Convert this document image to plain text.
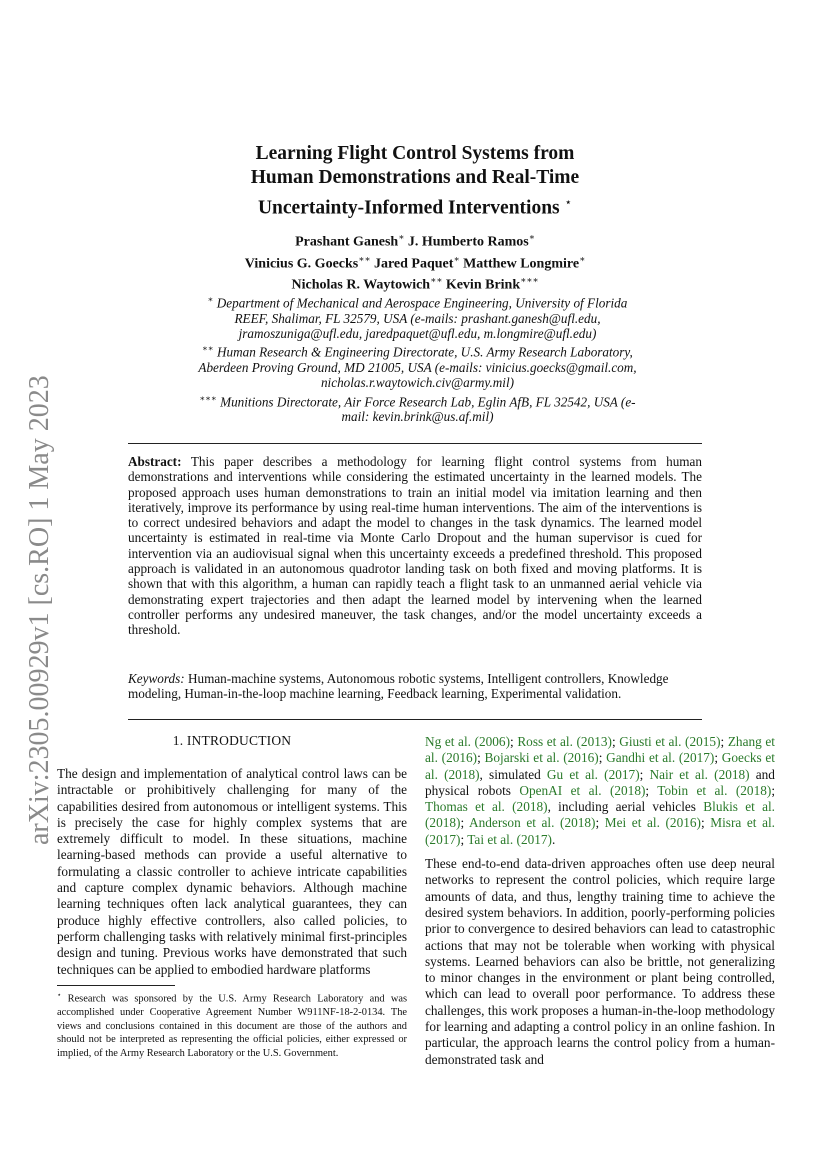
arXiv:2305.00929v1 [cs.RO] 1 May 2023
Learning Flight Control Systems from
Human Demonstrations and Real-Time
Uncertainty-Informed Interventions ⋆
Prashant Ganesh∗ J. Humberto Ramos∗
Vinicius G. Goecks∗∗ Jared Paquet∗ Matthew Longmire∗
Nicholas R. Waytowich∗∗ Kevin Brink∗∗∗
∗ Department of Mechanical and Aerospace Engineering, University of Florida REEF, Shalimar, FL 32579, USA (e-mails: prashant.ganesh@ufl.edu, jramoszuniga@ufl.edu, jaredpaquet@ufl.edu, m.longmire@ufl.edu)
∗∗ Human Research & Engineering Directorate, U.S. Army Research Laboratory, Aberdeen Proving Ground, MD 21005, USA (e-mails: vinicius.goecks@gmail.com, nicholas.r.waytowich.civ@army.mil)
∗∗∗ Munitions Directorate, Air Force Research Lab, Eglin AfB, FL 32542, USA (e-mail: kevin.brink@us.af.mil)
Abstract: This paper describes a methodology for learning flight control systems from human demonstrations and interventions while considering the estimated uncertainty in the learned models. The proposed approach uses human demonstrations to train an initial model via imitation learning and then iteratively, improve its performance by using real-time human interventions. The aim of the interventions is to correct undesired behaviors and adapt the model to changes in the task dynamics. The learned model uncertainty is estimated in real-time via Monte Carlo Dropout and the human supervisor is cued for intervention via an audiovisual signal when this uncertainty exceeds a predefined threshold. This proposed approach is validated in an autonomous quadrotor landing task on both fixed and moving platforms. It is shown that with this algorithm, a human can rapidly teach a flight task to an unmanned aerial vehicle via demonstrating expert trajectories and then adapt the learned model by intervening when the learned controller performs any undesired maneuver, the task changes, and/or the model uncertainty exceeds a threshold.
Keywords: Human-machine systems, Autonomous robotic systems, Intelligent controllers, Knowledge modeling, Human-in-the-loop machine learning, Feedback learning, Experimental validation.
1. INTRODUCTION

The design and implementation of analytical control laws can be intractable or prohibitively challenging for many of the capabilities desired from autonomous or intelligent systems. This is precisely the case for highly complex systems that are extremely difficult to model. In these situations, machine learning-based methods can provide a useful alternative to formulating a classic controller to achieve intricate capabilities and capture complex dynamic behaviors. Although machine learning techniques often lack analytical guarantees, they can produce highly effective controllers, also called policies, to perform challenging tasks with relatively minimal first-principles design and tuning. Previous works have demonstrated that such techniques can be applied to embodied hardware platforms

⋆ Research was sponsored by the U.S. Army Research Laboratory and was accomplished under Cooperative Agreement Number W911NF-18-2-0134. The views and conclusions contained in this document are those of the authors and should not be interpreted as representing the official policies, either expressed or implied, of the Army Research Laboratory or the U.S. Government.

Ng et al. (2006); Ross et al. (2013); Giusti et al. (2015); Zhang et al. (2016); Bojarski et al. (2016); Gandhi et al. (2017); Goecks et al. (2018), simulated Gu et al. (2017); Nair et al. (2018) and physical robots OpenAI et al. (2018); Tobin et al. (2018); Thomas et al. (2018), including aerial vehicles Blukis et al. (2018); Anderson et al. (2018); Mei et al. (2016); Misra et al. (2017); Tai et al. (2017).

These end-to-end data-driven approaches often use deep neural networks to represent the control policies, which require large amounts of data, and thus, lengthy training time to achieve the desired system behaviors. In addition, poorly-performing policies prior to convergence to desired behaviors can lead to catastrophic actions that may not be tolerable when working with physical systems. Learned behaviors can also be brittle, not generalizing to minor changes in the environment or plant being controlled, which can lead to overall poor performance. To address these challenges, this work proposes a human-in-the-loop methodology for learning and adapting a control policy in an online fashion. In particular, the approach learns the control policy from a human-demonstrated task and
